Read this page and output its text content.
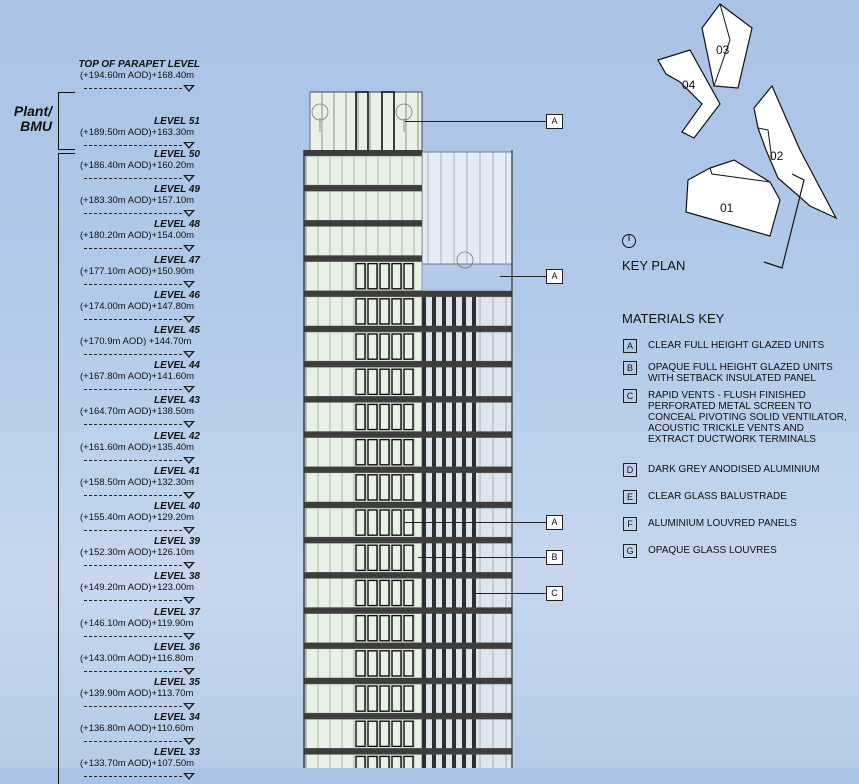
Plant/
BMU
TOP OF PARAPET LEVEL
(+194.60m AOD)+168.40m
LEVEL 51
(+189.50m AOD)+163.30m
LEVEL 50
(+186.40m AOD)+160.20m
LEVEL 49
(+183.30m AOD)+157.10m
LEVEL 48
(+180.20m AOD)+154.00m
LEVEL 47
(+177.10m AOD)+150.90m
LEVEL 46
(+174.00m AOD)+147.80m
LEVEL 45
(+170.9m AOD) +144.70m
LEVEL 44
(+167.80m AOD)+141.60m
LEVEL 43
(+164.70m AOD)+138.50m
LEVEL 42
(+161.60m AOD)+135.40m
LEVEL 41
(+158.50m AOD)+132.30m
LEVEL 40
(+155.40m AOD)+129.20m
LEVEL 39
(+152.30m AOD)+126.10m
LEVEL 38
(+149.20m AOD)+123.00m
LEVEL 37
(+146.10m AOD)+119.90m
LEVEL 36
(+143.00m AOD)+116.80m
LEVEL 35
(+139.90m AOD)+113.70m
LEVEL 34
(+136.80m AOD)+110.60m
LEVEL 33
(+133.70m AOD)+107.50m
A
A
A
B
C
03
04
02
01
KEY PLAN
MATERIALS KEY
A	CLEAR FULL HEIGHT GLAZED UNITS
B	OPAQUE FULL HEIGHT GLAZED UNITS WITH SETBACK INSULATED PANEL
C	RAPID VENTS - FLUSH FINISHED PERFORATED METAL SCREEN TO CONCEAL PIVOTING SOLID VENTILATOR, ACOUSTIC TRICKLE VENTS AND EXTRACT DUCTWORK TERMINALS
D	DARK GREY ANODISED ALUMINIUM
E	CLEAR GLASS BALUSTRADE
F	ALUMINIUM LOUVRED PANELS
G	OPAQUE GLASS LOUVRES
